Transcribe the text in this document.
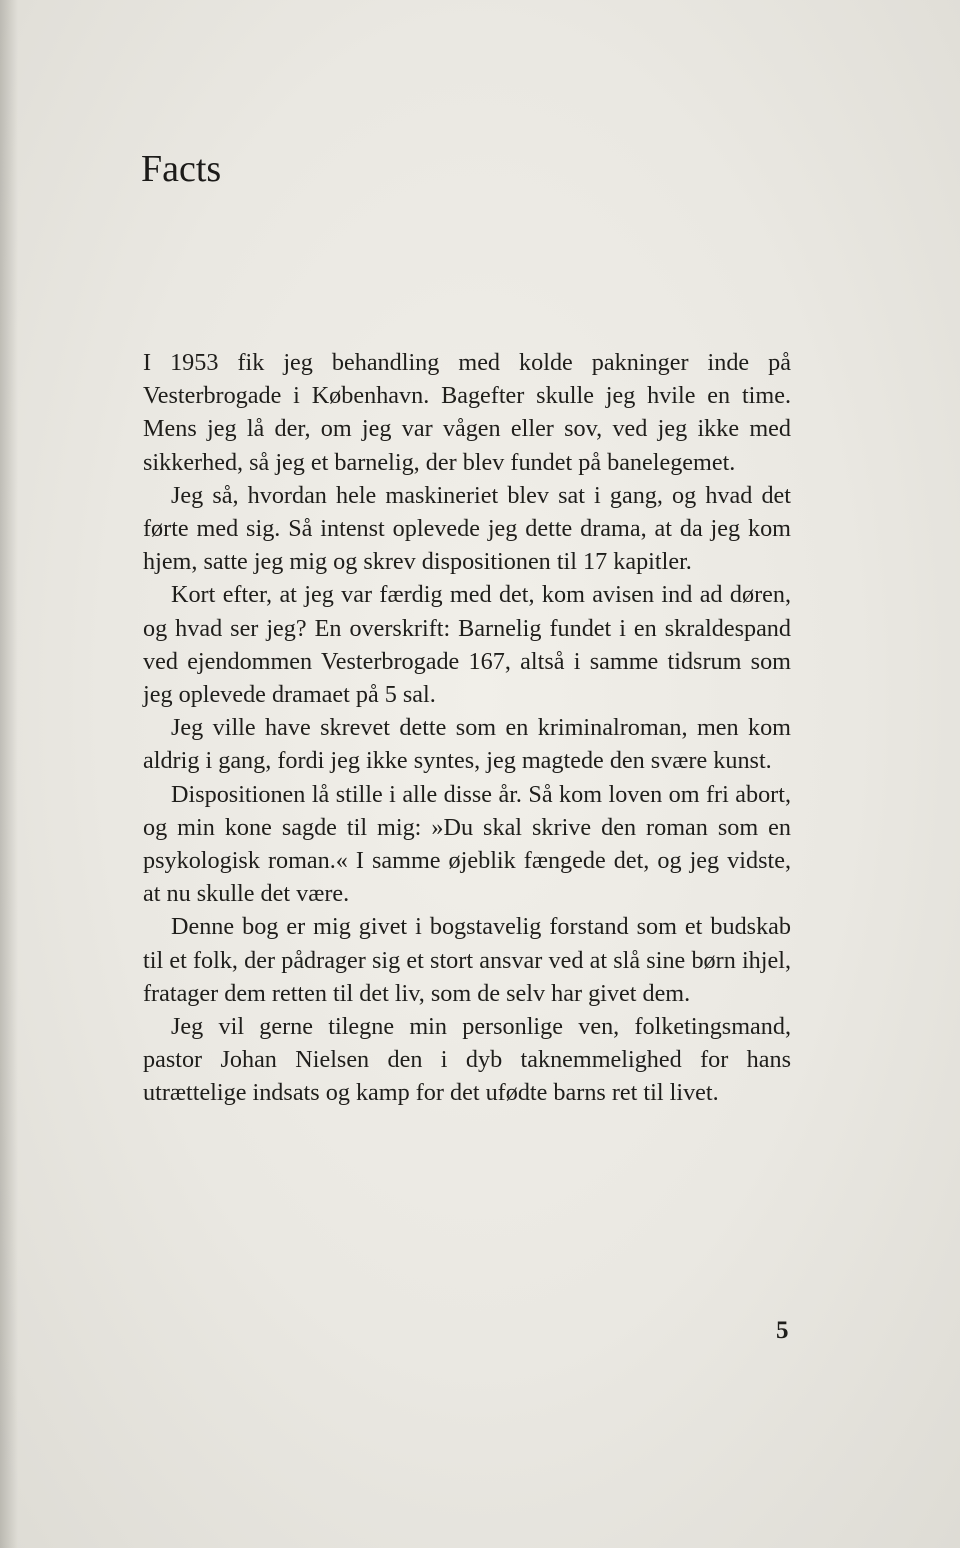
Facts

I 1953 fik jeg behandling med kolde pakninger inde på Vesterbrogade i København. Bagefter skulle jeg hvile en time. Mens jeg lå der, om jeg var vågen eller sov, ved jeg ikke med sikkerhed, så jeg et barnelig, der blev fundet på banelegemet.

Jeg så, hvordan hele maskineriet blev sat i gang, og hvad det førte med sig. Så intenst oplevede jeg dette drama, at da jeg kom hjem, satte jeg mig og skrev dispositionen til 17 kapitler.

Kort efter, at jeg var færdig med det, kom avisen ind ad døren, og hvad ser jeg? En overskrift: Barnelig fundet i en skraldespand ved ejendommen Vesterbrogade 167, altså i samme tidsrum som jeg oplevede dramaet på 5 sal.

Jeg ville have skrevet dette som en kriminalroman, men kom aldrig i gang, fordi jeg ikke syntes, jeg magtede den svære kunst.

Dispositionen lå stille i alle disse år. Så kom loven om fri abort, og min kone sagde til mig: »Du skal skrive den roman som en psykologisk roman.« I samme øjeblik fængede det, og jeg vidste, at nu skulle det være.

Denne bog er mig givet i bogstavelig forstand som et budskab til et folk, der pådrager sig et stort ansvar ved at slå sine børn ihjel, fratager dem retten til det liv, som de selv har givet dem.

Jeg vil gerne tilegne min personlige ven, folketingsmand, pastor Johan Nielsen den i dyb taknemmelighed for hans utrættelige indsats og kamp for det ufødte barns ret til livet.

5
